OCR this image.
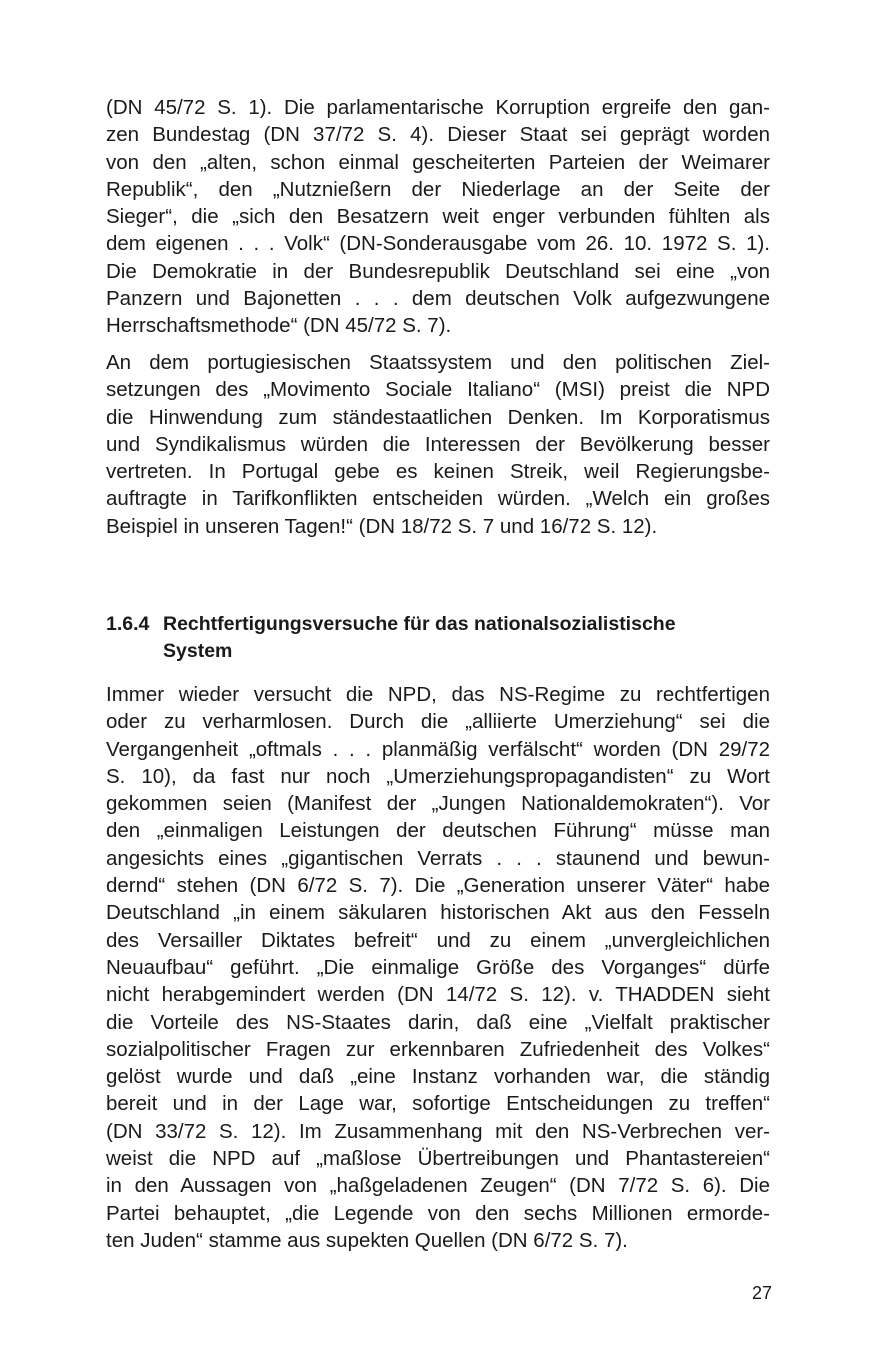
(DN 45/72 S. 1). Die parlamentarische Korruption ergreife den gan-
zen Bundestag (DN 37/72 S. 4). Dieser Staat sei geprägt worden
von den „alten, schon einmal gescheiterten Parteien der Weimarer
Republik“, den „Nutznießern der Niederlage an der Seite der
Sieger“, die „sich den Besatzern weit enger verbunden fühlten als
dem eigenen . . . Volk“ (DN-Sonderausgabe vom 26. 10. 1972 S. 1).
Die Demokratie in der Bundesrepublik Deutschland sei eine „von
Panzern und Bajonetten . . . dem deutschen Volk aufgezwungene
Herrschaftsmethode“ (DN 45/72 S. 7).
An dem portugiesischen Staatssystem und den politischen Ziel-
setzungen des „Movimento Sociale Italiano“ (MSI) preist die NPD
die Hinwendung zum ständestaatlichen Denken. Im Korporatismus
und Syndikalismus würden die Interessen der Bevölkerung besser
vertreten. In Portugal gebe es keinen Streik, weil Regierungsbe-
auftragte in Tarifkonflikten entscheiden würden. „Welch ein großes
Beispiel in unseren Tagen!“ (DN 18/72 S. 7 und 16/72 S. 12).
1.6.4 Rechtfertigungsversuche für das nationalsozialistische
System
Immer wieder versucht die NPD, das NS-Regime zu rechtfertigen
oder zu verharmlosen. Durch die „alliierte Umerziehung“ sei die
Vergangenheit „oftmals . . . planmäßig verfälscht“ worden (DN 29/72
S. 10), da fast nur noch „Umerziehungspropagandisten“ zu Wort
gekommen seien (Manifest der „Jungen Nationaldemokraten“). Vor
den „einmaligen Leistungen der deutschen Führung“ müsse man
angesichts eines „gigantischen Verrats . . . staunend und bewun-
dernd“ stehen (DN 6/72 S. 7). Die „Generation unserer Väter“ habe
Deutschland „in einem säkularen historischen Akt aus den Fesseln
des Versailler Diktates befreit“ und zu einem „unvergleichlichen
Neuaufbau“ geführt. „Die einmalige Größe des Vorganges“ dürfe
nicht herabgemindert werden (DN 14/72 S. 12). v. THADDEN sieht
die Vorteile des NS-Staates darin, daß eine „Vielfalt praktischer
sozialpolitischer Fragen zur erkennbaren Zufriedenheit des Volkes“
gelöst wurde und daß „eine Instanz vorhanden war, die ständig
bereit und in der Lage war, sofortige Entscheidungen zu treffen“
(DN 33/72 S. 12). Im Zusammenhang mit den NS-Verbrechen ver-
weist die NPD auf „maßlose Übertreibungen und Phantastereien“
in den Aussagen von „haßgeladenen Zeugen“ (DN 7/72 S. 6). Die
Partei behauptet, „die Legende von den sechs Millionen ermorde-
ten Juden“ stamme aus supekten Quellen (DN 6/72 S. 7).
27
